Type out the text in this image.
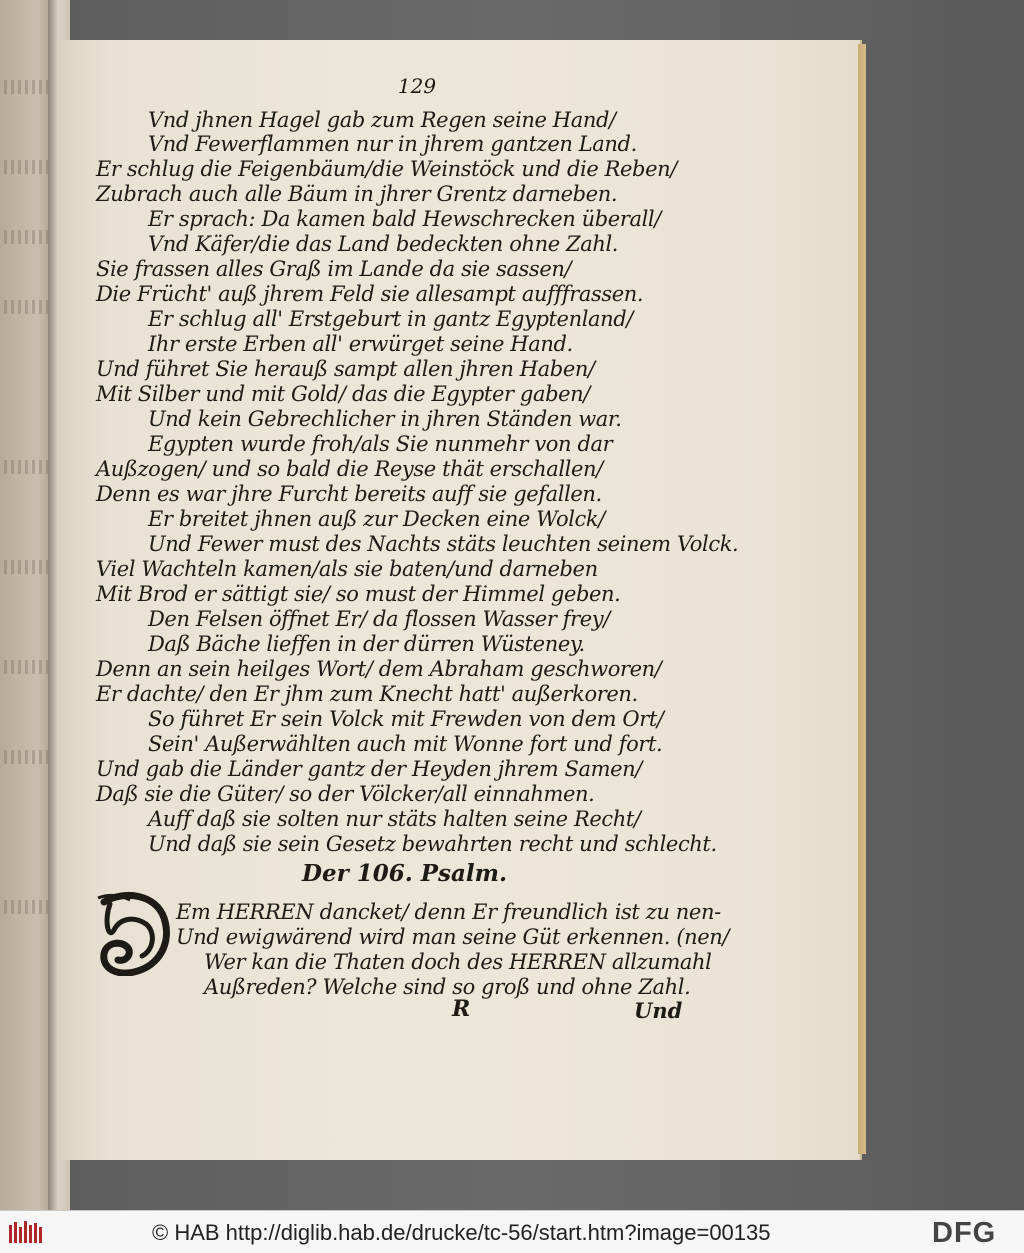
129
Vnd jhnen Hagel gab zum Regen seine Hand/
Vnd Fewerflammen nur in jhrem gantzen Land.
Er schlug die Feigenbäum/die Weinstöck und die Reben/
Zubrach auch alle Bäum in jhrer Grentz darneben.
Er sprach: Da kamen bald Hewschrecken überall/
Vnd Käfer/die das Land bedeckten ohne Zahl.
Sie frassen alles Graß im Lande da sie sassen/
Die Frücht' auß jhrem Feld sie allesampt aufffrassen.
Er schlug all' Erstgeburt in gantz Egyptenland/
Ihr erste Erben all' erwürget seine Hand.
Und führet Sie herauß sampt allen jhren Haben/
Mit Silber und mit Gold/ das die Egypter gaben/
Und kein Gebrechlicher in jhren Ständen war.
Egypten wurde froh/als Sie nunmehr von dar
Außzogen/ und so bald die Reyse thät erschallen/
Denn es war jhre Furcht bereits auff sie gefallen.
Er breitet jhnen auß zur Decken eine Wolck/
Und Fewer must des Nachts stäts leuchten seinem Volck.
Viel Wachteln kamen/als sie baten/und darneben
Mit Brod er sättigt sie/ so must der Himmel geben.
Den Felsen öffnet Er/ da flossen Wasser frey/
Daß Bäche lieffen in der dürren Wüsteney.
Denn an sein heilges Wort/ dem Abraham geschworen/
Er dachte/ den Er jhm zum Knecht hatt' außerkoren.
So führet Er sein Volck mit Frewden von dem Ort/
Sein' Außerwählten auch mit Wonne fort und fort.
Und gab die Länder gantz der Heyden jhrem Samen/
Daß sie die Güter/ so der Völcker/all einnahmen.
Auff daß sie solten nur stäts halten seine Recht/
Und daß sie sein Gesetz bewahrten recht und schlecht.
Der 106. Psalm.
Em HERREN dancket/ denn Er freundlich ist zu nen-
Und ewigwärend wird man seine Güt erkennen. (nen/
Wer kan die Thaten doch des HERREN allzumahl
Außreden? Welche sind so groß und ohne Zahl.
R	Und
© HAB http://diglib.hab.de/drucke/tc-56/start.htm?image=00135	DFG
